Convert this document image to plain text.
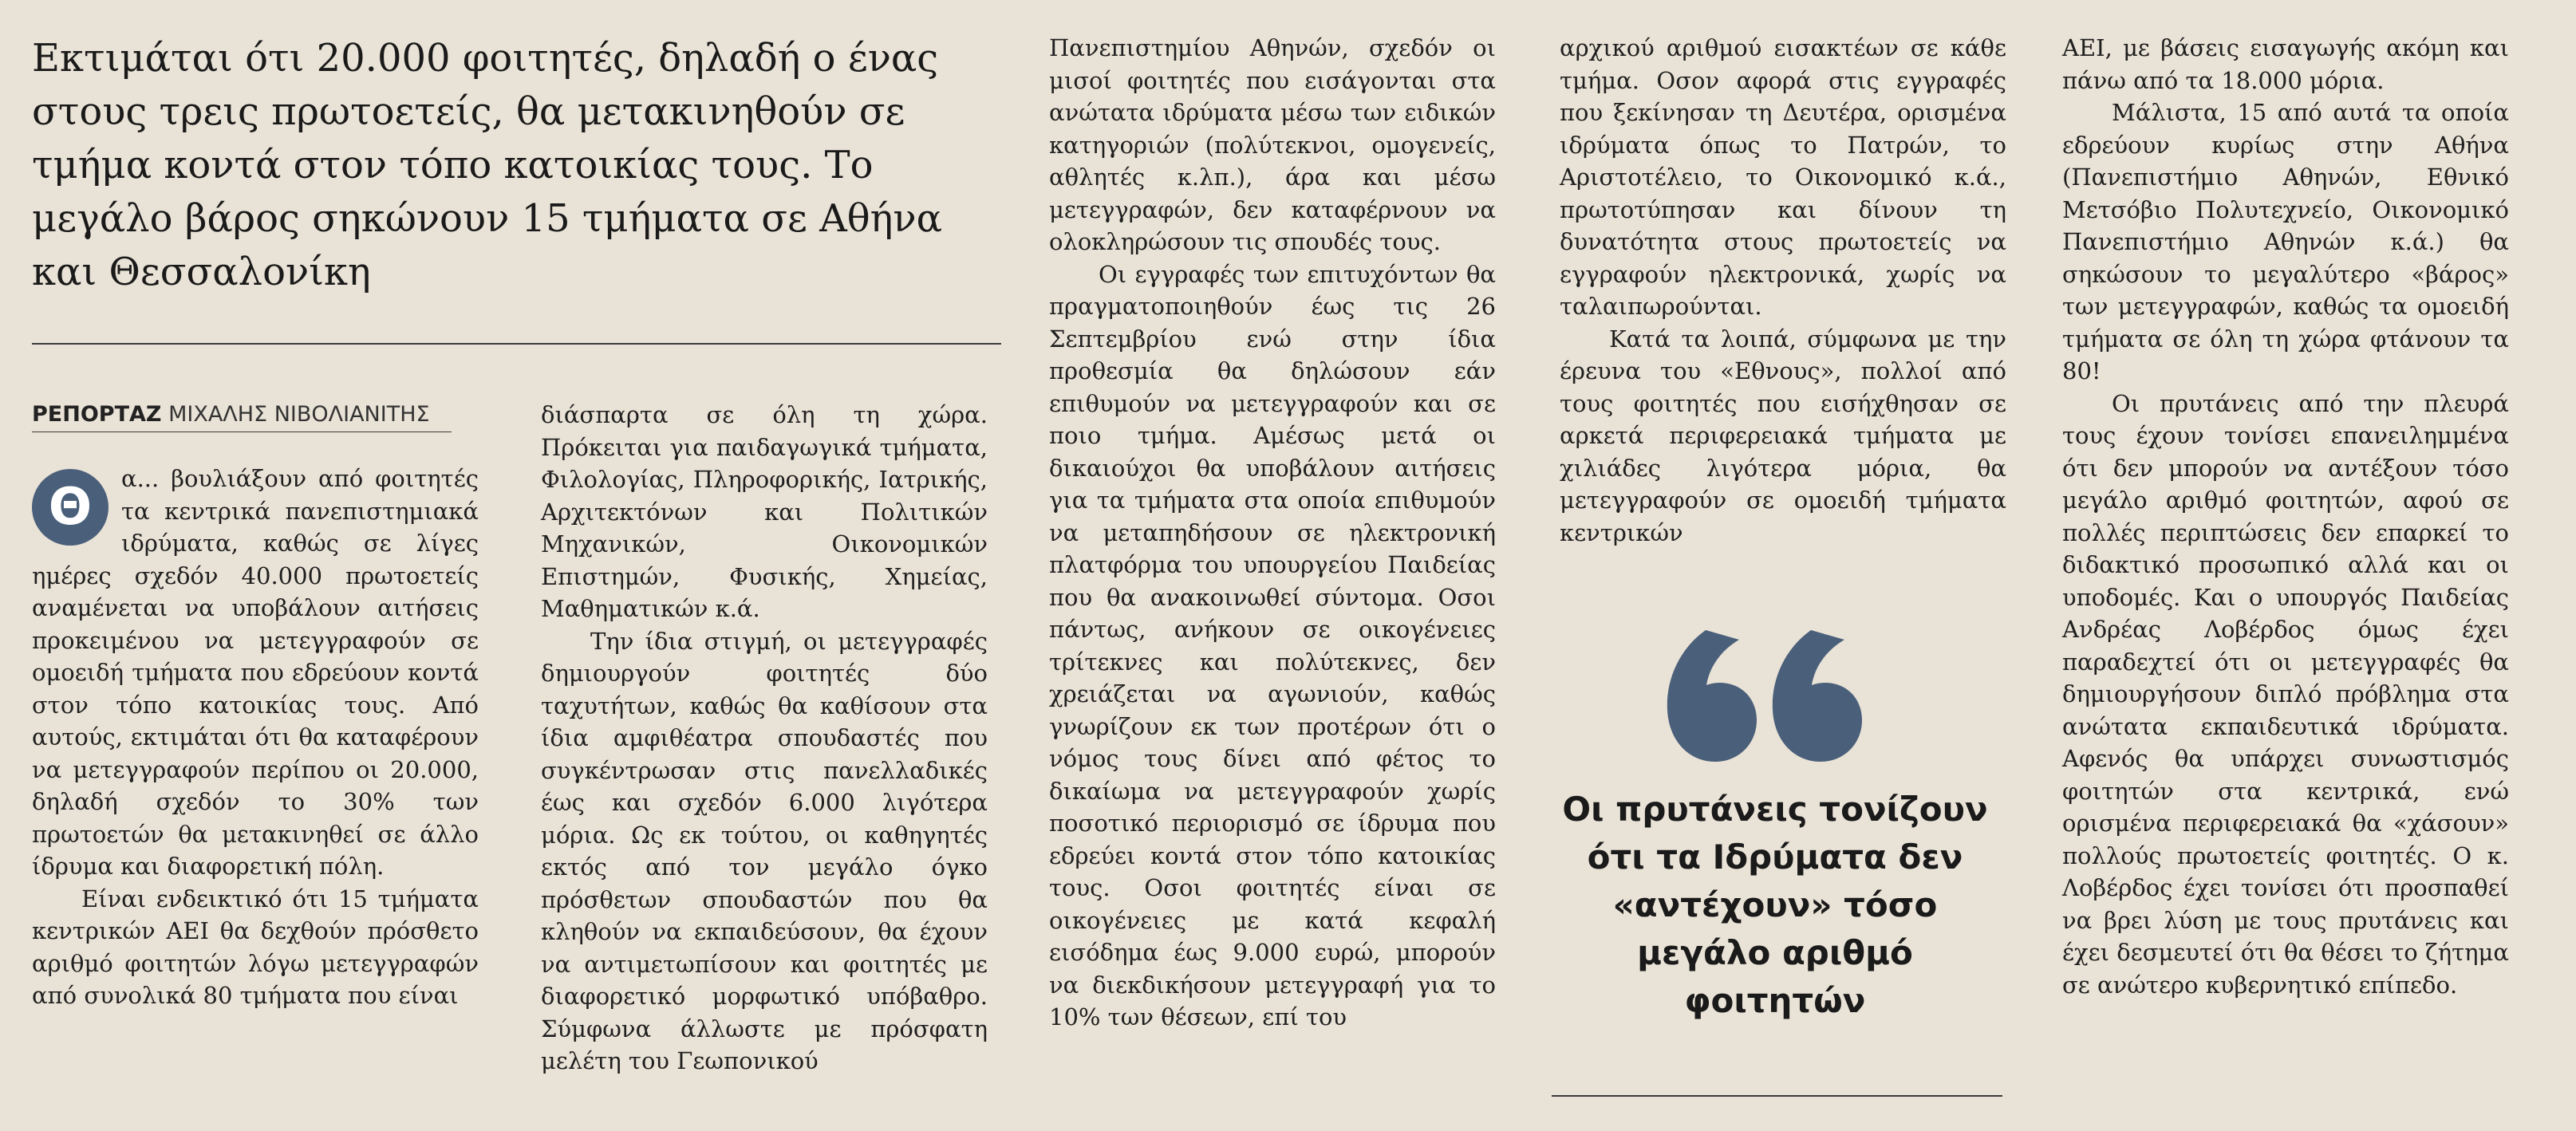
Εκτιμάται ότι 20.000 φοιτητές, δηλαδή ο ένας στους τρεις πρωτοετείς, θα μετακινηθούν σε τμήμα κοντά στον τόπο κατοικίας τους. Το μεγάλο βάρος σηκώνουν 15 τμήματα σε Αθήνα και Θεσσαλονίκη
ΡΕΠΟΡΤΑΖ ΜΙΧΑΛΗΣ ΝΙΒΟΛΙΑΝΙΤΗΣ

Θ	α... βουλιάξουν από φοιτητές τα κεντρικά πανεπιστημιακά ιδρύματα, καθώς σε λίγες ημέρες σχεδόν 40.000 πρωτοετείς αναμένεται να υποβάλουν αιτήσεις προκειμένου να μετεγγραφούν σε ομοειδή τμήματα που εδρεύουν κοντά στον τόπο κατοικίας τους. Από αυτούς, εκτιμάται ότι θα καταφέρουν να μετεγγραφούν περίπου οι 20.000, δηλαδή σχεδόν το 30% των πρωτοετών θα μετακινηθεί σε άλλο ίδρυμα και διαφορετική πόλη.

Είναι ενδεικτικό ότι 15 τμήματα κεντρικών ΑΕΙ θα δεχθούν πρόσθετο αριθμό φοιτητών λόγω μετεγγραφών από συνολικά 80 τμήματα που είναι

διάσπαρτα σε όλη τη χώρα. Πρόκειται για παιδαγωγικά τμήματα, Φιλολογίας, Πληροφορικής, Ιατρικής, Αρχιτεκτόνων και Πολιτικών Μηχανικών, Οικονομικών Επιστημών, Φυσικής, Χημείας, Μαθηματικών κ.ά.

Την ίδια στιγμή, οι μετεγγραφές δημιουργούν φοιτητές δύο ταχυτήτων, καθώς θα καθίσουν στα ίδια αμφιθέατρα σπουδαστές που συγκέντρωσαν στις πανελλαδικές έως και σχεδόν 6.000 λιγότερα μόρια. Ως εκ τούτου, οι καθηγητές εκτός από τον μεγάλο όγκο πρόσθετων σπουδαστών που θα κληθούν να εκπαιδεύσουν, θα έχουν να αντιμετωπίσουν και φοιτητές με διαφορετικό μορφωτικό υπόβαθρο. Σύμφωνα άλλωστε με πρόσφατη μελέτη του Γεωπονικού

Πανεπιστημίου Αθηνών, σχεδόν οι μισοί φοιτητές που εισάγονται στα ανώτατα ιδρύματα μέσω των ειδικών κατηγοριών (πολύτεκνοι, ομογενείς, αθλητές κ.λπ.), άρα και μέσω μετεγγραφών, δεν καταφέρνουν να ολοκληρώσουν τις σπουδές τους.

Οι εγγραφές των επιτυχόντων θα πραγματοποιηθούν έως τις 26 Σεπτεμβρίου ενώ στην ίδια προθεσμία θα δηλώσουν εάν επιθυμούν να μετεγγραφούν και σε ποιο τμήμα. Αμέσως μετά οι δικαιούχοι θα υποβάλουν αιτήσεις για τα τμήματα στα οποία επιθυμούν να μεταπηδήσουν σε ηλεκτρονική πλατφόρμα του υπουργείου Παιδείας που θα ανακοινωθεί σύντομα. Οσοι πάντως, ανήκουν σε οικογένειες τρίτεκνες και πολύτεκνες, δεν χρειάζεται να αγωνιούν, καθώς γνωρίζουν εκ των προτέρων ότι ο νόμος τους δίνει από φέτος το δικαίωμα να μετεγγραφούν χωρίς ποσοτικό περιορισμό σε ίδρυμα που εδρεύει κοντά στον τόπο κατοικίας τους. Οσοι φοιτητές είναι σε οικογένειες με κατά κεφαλή εισόδημα έως 9.000 ευρώ, μπορούν να διεκδικήσουν μετεγγραφή για το 10% των θέσεων, επί του

αρχικού αριθμού εισακτέων σε κάθε τμήμα. Οσον αφορά στις εγγραφές που ξεκίνησαν τη Δευτέρα, ορισμένα ιδρύματα όπως το Πατρών, το Αριστοτέλειο, το Οικονομικό κ.ά., πρωτοτύπησαν και δίνουν τη δυνατότητα στους πρωτοετείς να εγγραφούν ηλεκτρονικά, χωρίς να ταλαιπωρούνται.

Κατά τα λοιπά, σύμφωνα με την έρευνα του «Εθνους», πολλοί από τους φοιτητές που εισήχθησαν σε αρκετά περιφερειακά τμήματα με χιλιάδες λιγότερα μόρια, θα μετεγγραφούν σε ομοειδή τμήματα κεντρικών

ΑΕΙ, με βάσεις εισαγωγής ακόμη και πάνω από τα 18.000 μόρια.

Μάλιστα, 15 από αυτά τα οποία εδρεύουν κυρίως στην Αθήνα (Πανεπιστήμιο Αθηνών, Εθνικό Μετσόβιο Πολυτεχνείο, Οικονομικό Πανεπιστήμιο Αθηνών κ.ά.) θα σηκώσουν το μεγαλύτερο «βάρος» των μετεγγραφών, καθώς τα ομοειδή τμήματα σε όλη τη χώρα φτάνουν τα 80!

Οι πρυτάνεις από την πλευρά τους έχουν τονίσει επανειλημμένα ότι δεν μπορούν να αντέξουν τόσο μεγάλο αριθμό φοιτητών, αφού σε πολλές περιπτώσεις δεν επαρκεί το διδακτικό προσωπικό αλλά και οι υποδομές. Και ο υπουργός Παιδείας Ανδρέας Λοβέρδος όμως έχει παραδεχτεί ότι οι μετεγγραφές θα δημιουργήσουν διπλό πρόβλημα στα ανώτατα εκπαιδευτικά ιδρύματα. Αφενός θα υπάρχει συνωστισμός φοιτητών στα κεντρικά, ενώ ορισμένα περιφερειακά θα «χάσουν» πολλούς πρωτοετείς φοιτητές. Ο κ. Λοβέρδος έχει τονίσει ότι προσπαθεί να βρει λύση με τους πρυτάνεις και έχει δεσμευτεί ότι θα θέσει το ζήτημα σε ανώτερο κυβερνητικό επίπεδο.

Οι πρυτάνεις τονίζουν ότι τα Ιδρύματα δεν «αντέχουν» τόσο μεγάλο αριθμό φοιτητών
